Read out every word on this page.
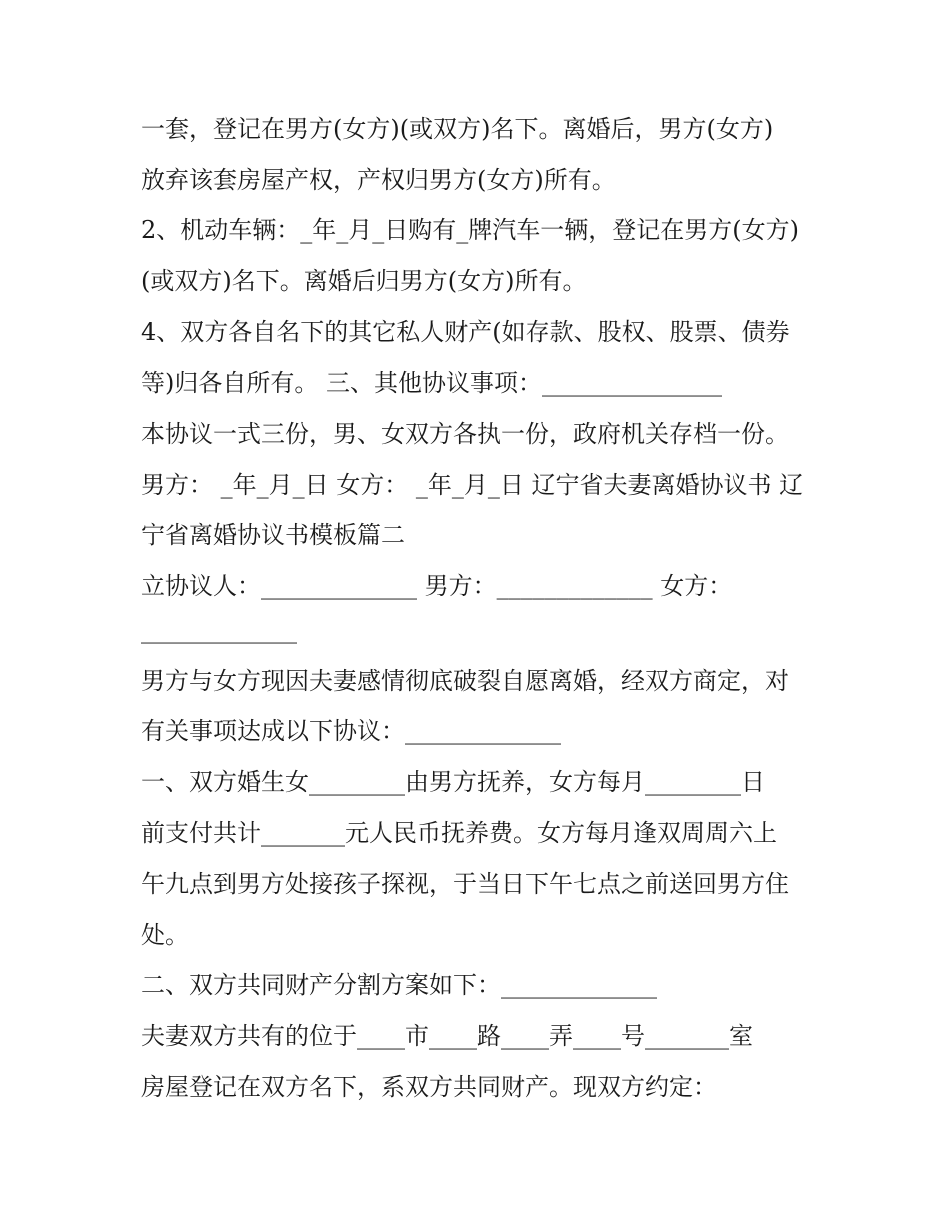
一套，登记在男方(女方)(或双方)名下。离婚后，男方(女方)
放弃该套房屋产权，产权归男方(女方)所有。
2、机动车辆：_年_月_日购有_牌汽车一辆，登记在男方(女方)
(或双方)名下。离婚后归男方(女方)所有。
4、双方各自名下的其它私人财产(如存款、股权、股票、债券
等)归各自所有。 三、其他协议事项：_______________
本协议一式三份，男、女双方各执一份，政府机关存档一份。
男方： _年_月_日 女方： _年_月_日 辽宁省夫妻离婚协议书 辽
宁省离婚协议书模板篇二
立协议人：_____________ 男方：_____________ 女方：
_____________
男方与女方现因夫妻感情彻底破裂自愿离婚，经双方商定，对
有关事项达成以下协议：_____________
一、双方婚生女________由男方抚养，女方每月________日
前支付共计_______元人民币抚养费。女方每月逢双周周六上
午九点到男方处接孩子探视，于当日下午七点之前送回男方住
处。
二、双方共同财产分割方案如下：_____________
夫妻双方共有的位于____市____路____弄____号_______室
房屋登记在双方名下，系双方共同财产。现双方约定：
